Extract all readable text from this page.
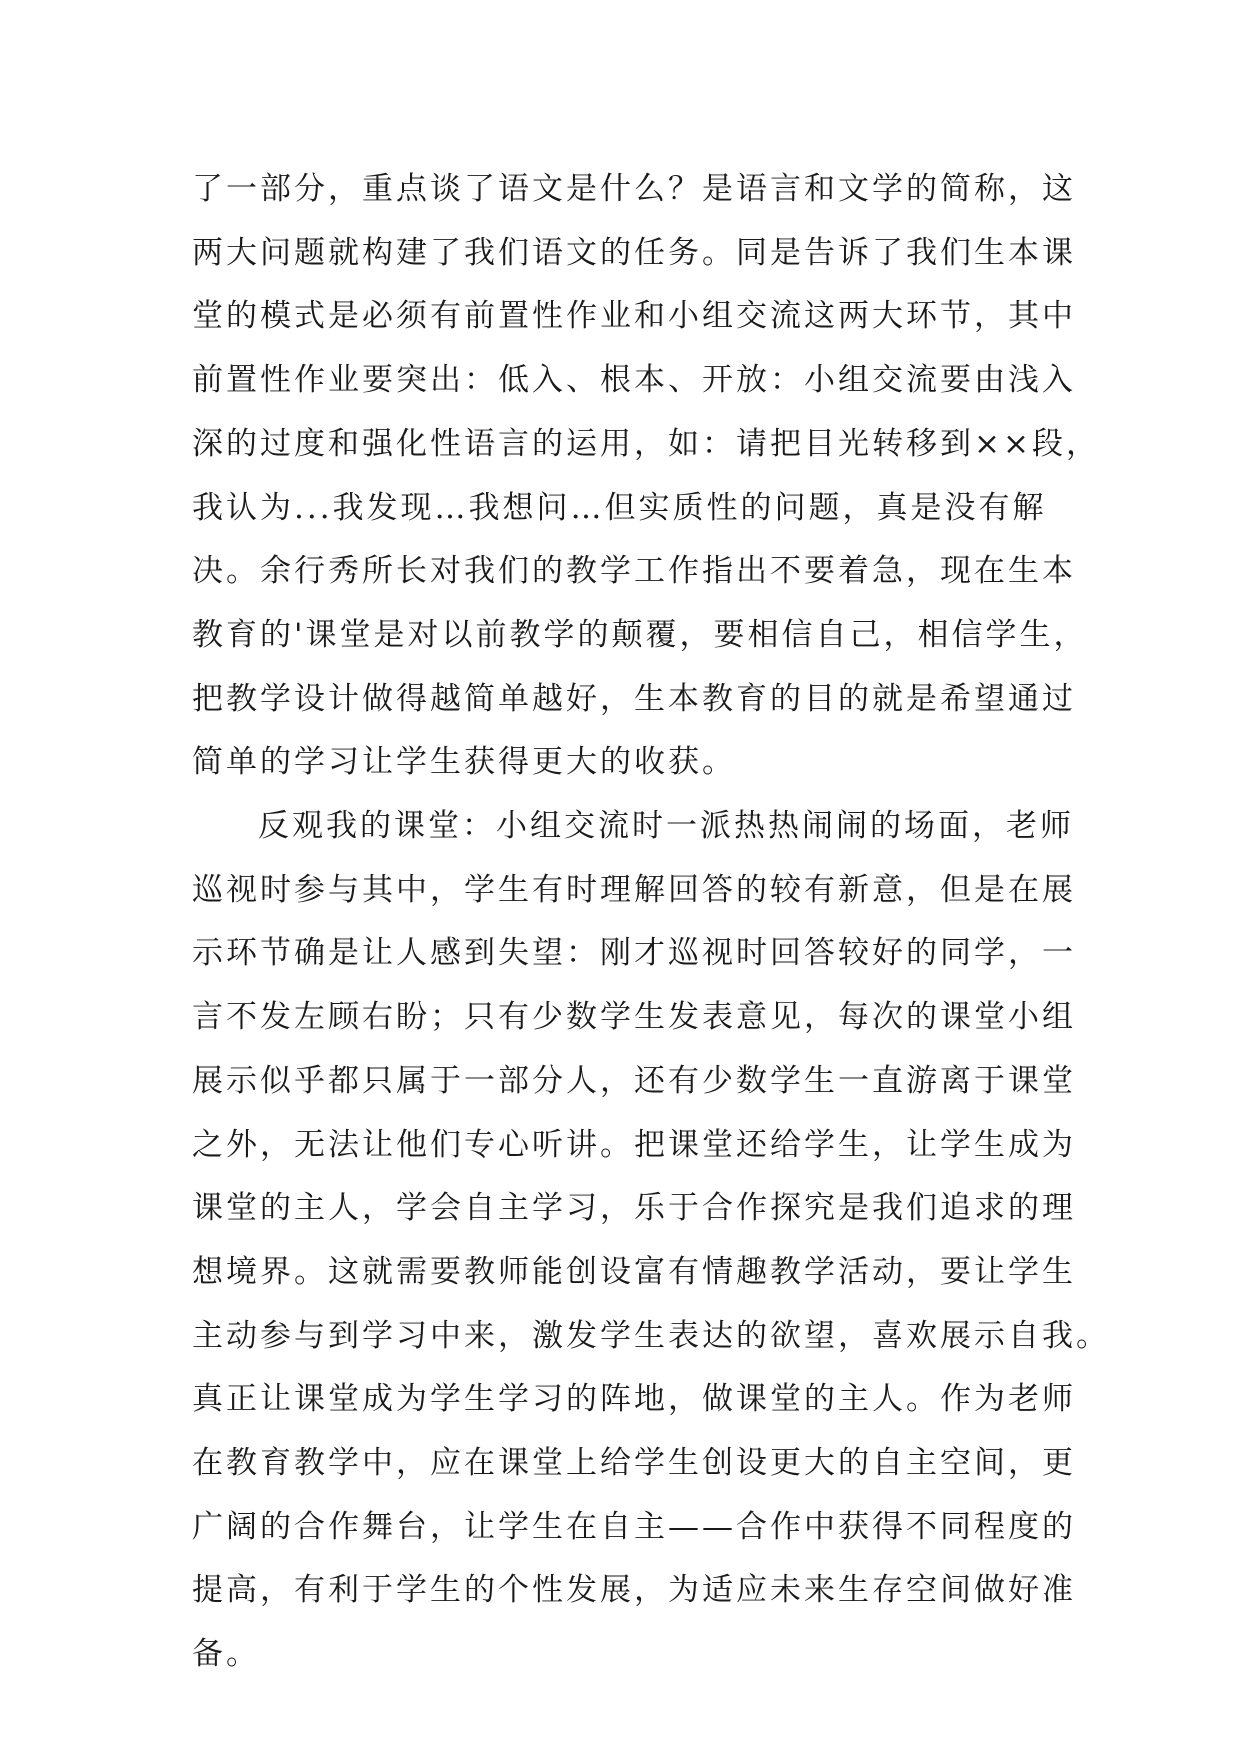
了一部分，重点谈了语文是什么？是语言和文学的简称，这
两大问题就构建了我们语文的任务。同是告诉了我们生本课
堂的模式是必须有前置性作业和小组交流这两大环节，其中
前置性作业要突出：低入、根本、开放：小组交流要由浅入
深的过度和强化性语言的运用，如：请把目光转移到××段，
我认为...我发现…我想问…但实质性的问题，真是没有解
决。余行秀所长对我们的教学工作指出不要着急，现在生本
教育的'课堂是对以前教学的颠覆，要相信自己，相信学生，
把教学设计做得越简单越好，生本教育的目的就是希望通过
简单的学习让学生获得更大的收获。

反观我的课堂：小组交流时一派热热闹闹的场面，老师
巡视时参与其中，学生有时理解回答的较有新意，但是在展
示环节确是让人感到失望：刚才巡视时回答较好的同学，一
言不发左顾右盼；只有少数学生发表意见，每次的课堂小组
展示似乎都只属于一部分人，还有少数学生一直游离于课堂
之外，无法让他们专心听讲。把课堂还给学生，让学生成为
课堂的主人，学会自主学习，乐于合作探究是我们追求的理
想境界。这就需要教师能创设富有情趣教学活动，要让学生
主动参与到学习中来，激发学生表达的欲望，喜欢展示自我。
真正让课堂成为学生学习的阵地，做课堂的主人。作为老师
在教育教学中，应在课堂上给学生创设更大的自主空间，更
广阔的合作舞台，让学生在自主——合作中获得不同程度的
提高，有利于学生的个性发展，为适应未来生存空间做好准
备。
